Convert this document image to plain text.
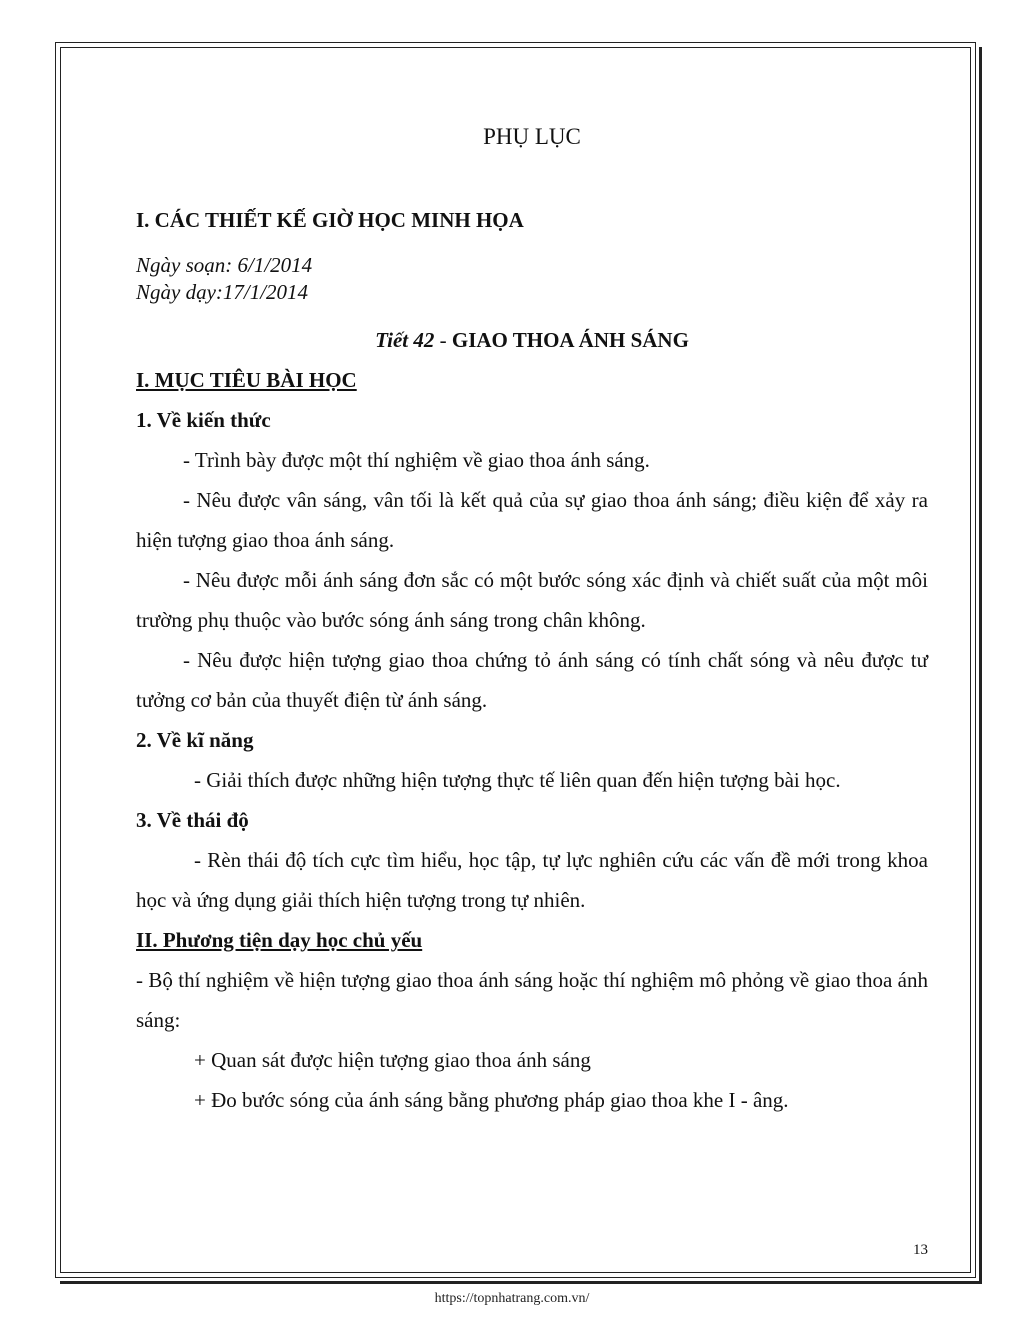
PHỤ LỤC

I. CÁC THIẾT KẾ GIỜ HỌC MINH HỌA

Ngày soạn: 6/1/2014

Ngày dạy:17/1/2014

Tiết 42 - GIAO THOA ÁNH SÁNG

I. MỤC TIÊU BÀI HỌC

1. Về kiến thức

- Trình bày được một thí nghiệm về giao thoa ánh sáng.

- Nêu được vân sáng, vân tối là kết quả của sự giao thoa ánh sáng; điều kiện để xảy ra hiện tượng giao thoa ánh sáng.

- Nêu được mỗi ánh sáng đơn sắc có một bước sóng xác định và chiết suất của một môi trường phụ thuộc vào bước sóng ánh sáng trong chân không.

- Nêu được hiện tượng giao thoa chứng tỏ ánh sáng có tính chất sóng và nêu được tư tưởng cơ bản của thuyết điện từ ánh sáng.

2. Về kĩ năng

- Giải thích được những hiện tượng thực tế liên quan đến hiện tượng bài học.

3. Về thái độ

- Rèn thái độ tích cực tìm hiểu, học tập, tự lực nghiên cứu các vấn đề mới trong khoa học và ứng dụng giải thích hiện tượng trong tự nhiên.

II. Phương tiện dạy học chủ yếu

- Bộ thí nghiệm về hiện tượng giao thoa ánh sáng hoặc thí nghiệm mô phỏng về giao thoa ánh sáng:

+ Quan sát được hiện tượng giao thoa ánh sáng

+ Đo bước sóng của ánh sáng bằng phương pháp giao thoa khe I - âng.

13
https://topnhatrang.com.vn/
